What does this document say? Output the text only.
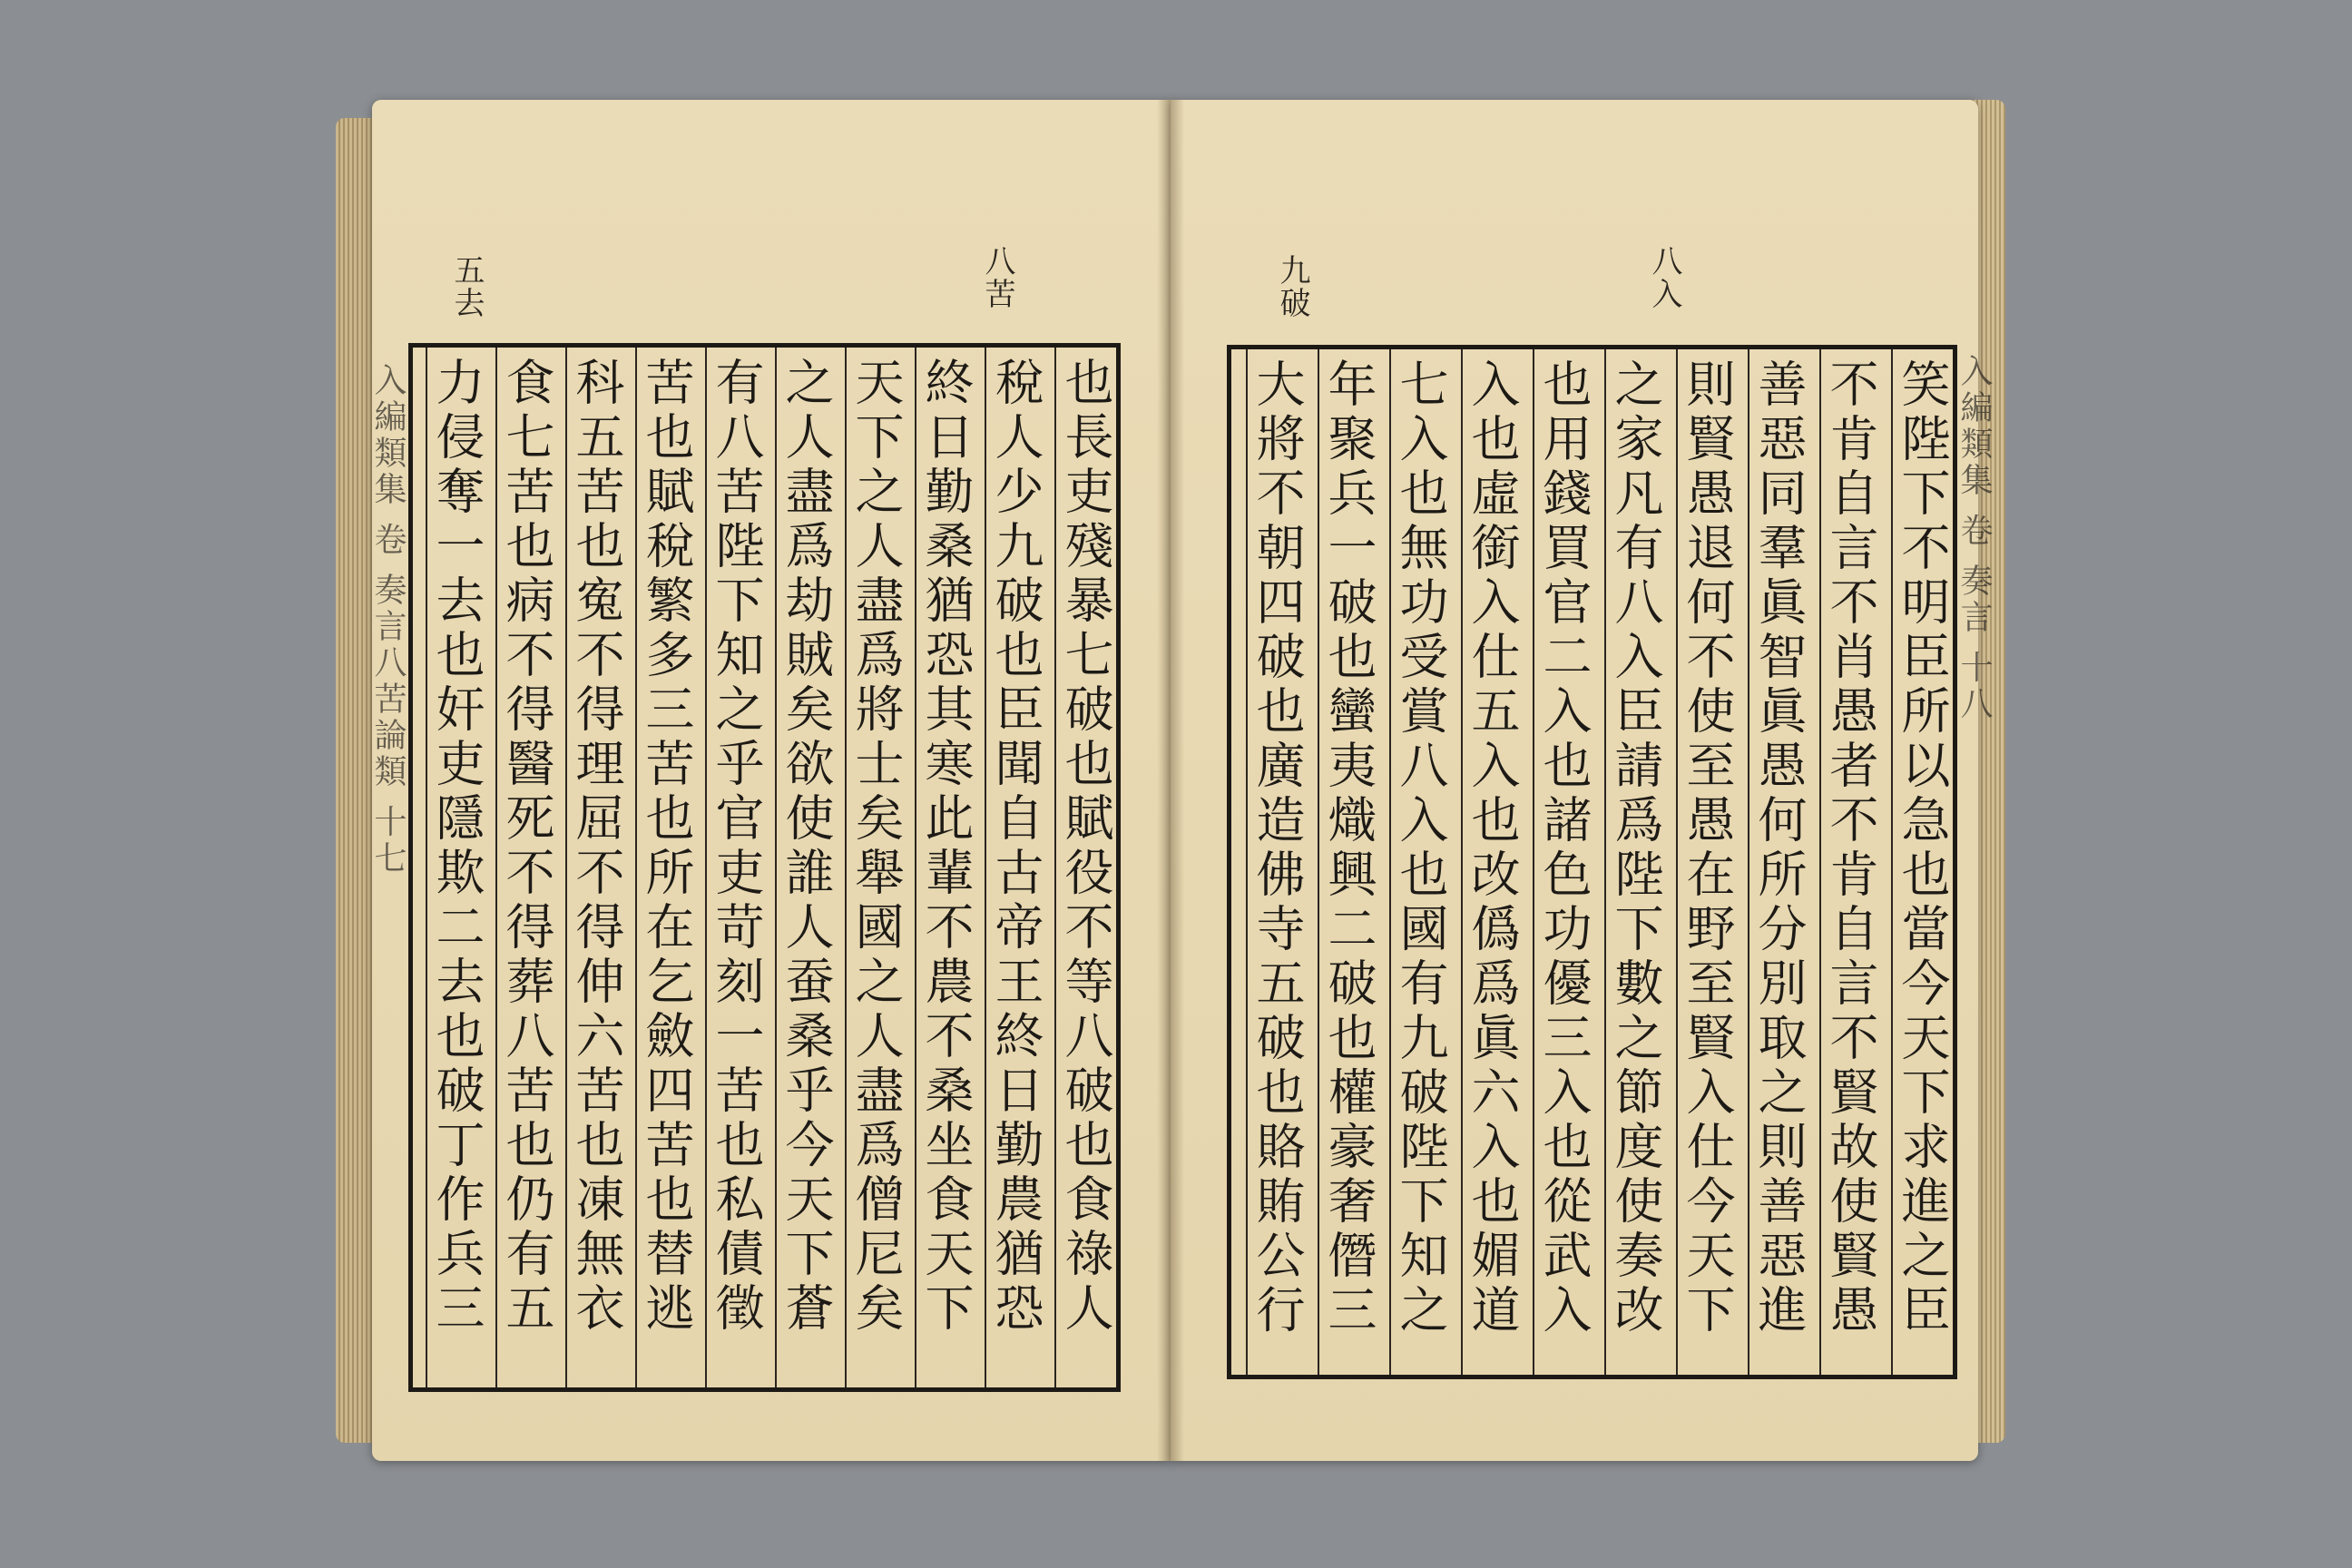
八苦
五去
入編類集 卷 奏言八苦論類 十七	也長吏殘暴七破也賦役不等八破也食祿人
稅人少九破也臣聞自古帝王終日勤農猶恐
終日勤桑猶恐其寒此輩不農不桑坐食天下
天下之人盡爲將士矣舉國之人盡爲僧尼矣
之人盡爲劫賊矣欲使誰人蚕桑乎今天下蒼
有八苦陛下知之乎官吏苛刻一苦也私債徵
苦也賦稅繁多三苦也所在乞斂四苦也替逃
科五苦也寃不得理屈不得伸六苦也凍無衣
食七苦也病不得醫死不得葬八苦也仍有五
力侵奪一去也奸吏隱欺二去也破丁作兵三
八入
九破
入編類集 卷 奏言 十八
笑陛下不明臣所以急也當今天下求進之臣
不肯自言不肖愚者不肯自言不賢故使賢愚
善惡同羣眞智眞愚何所分別取之則善惡進
則賢愚退何不使至愚在野至賢入仕今天下
之家凡有八入臣請爲陛下數之節度使奏改
也用錢買官二入也諸色功優三入也從武入
入也虛銜入仕五入也改僞爲眞六入也媚道
七入也無功受賞八入也國有九破陛下知之
年聚兵一破也蠻夷熾興二破也權豪奢僭三
大將不朝四破也廣造佛寺五破也賂賄公行
